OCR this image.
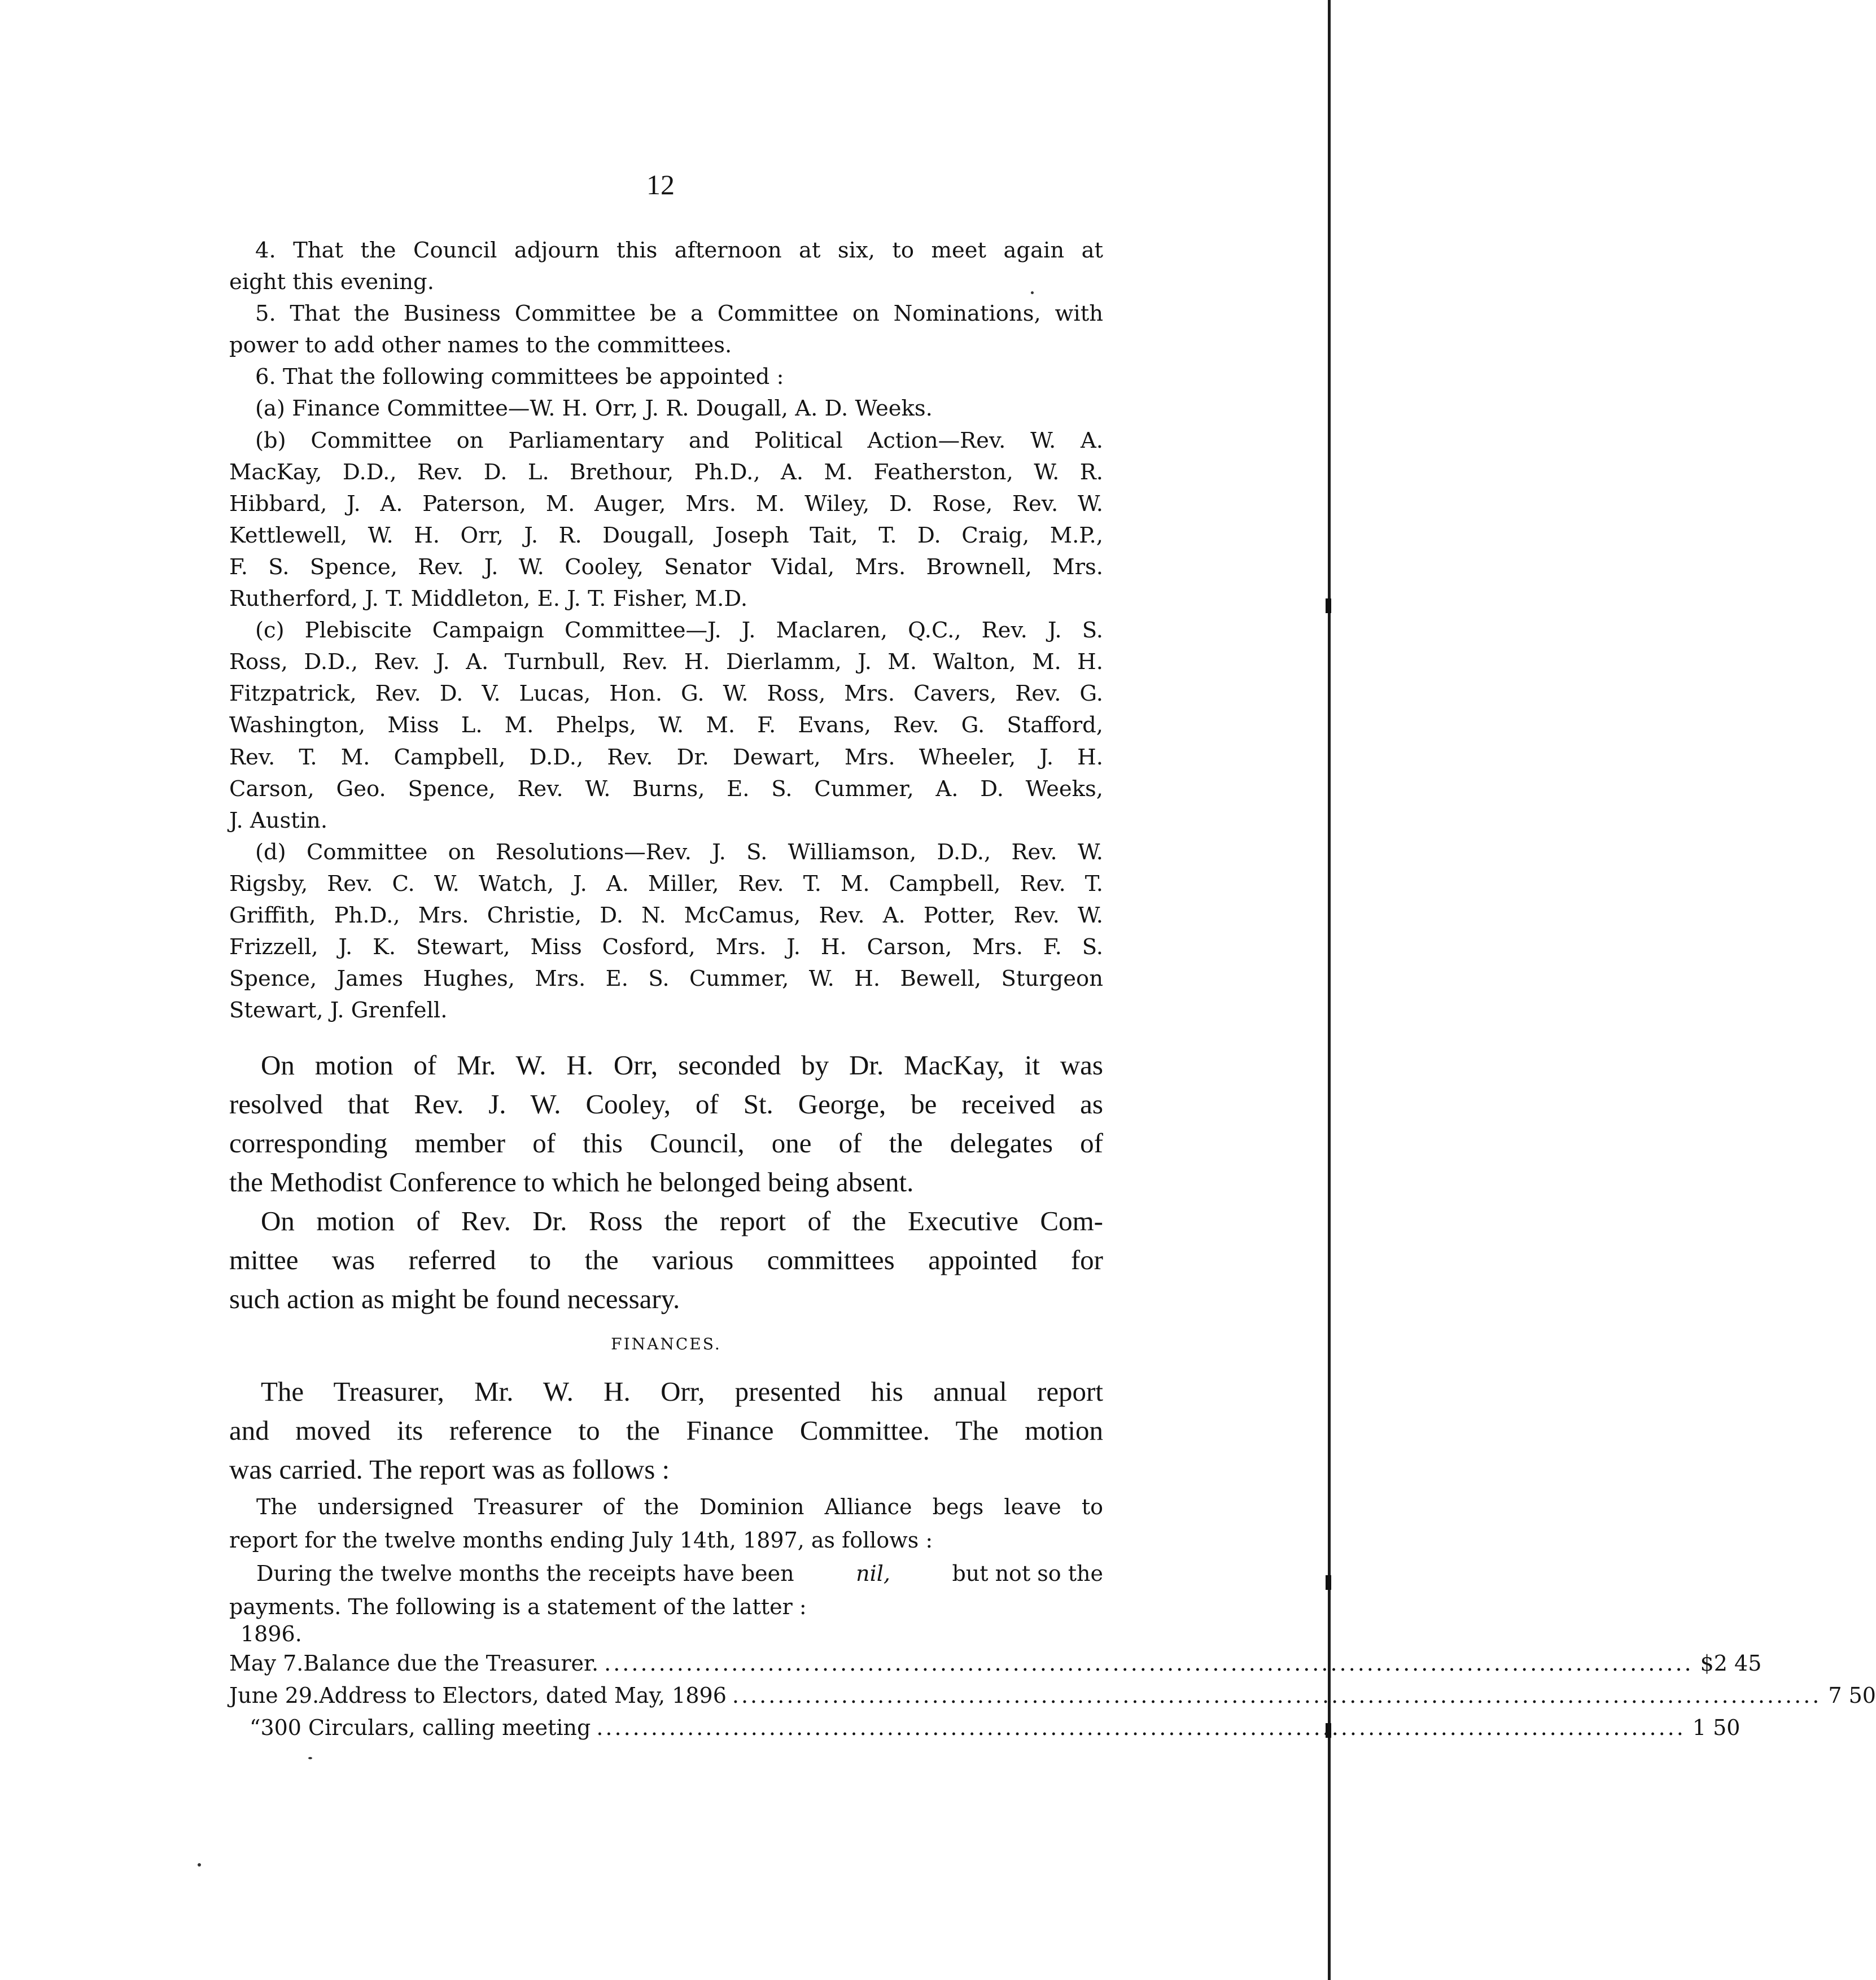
12
4. That the Council adjourn this afternoon at six, to meet again at
eight this evening.
5. That the Business Committee be a Committee on Nominations, with
power to add other names to the committees.
6. That the following committees be appointed :
(a) Finance Committee—W. H. Orr, J. R. Dougall, A. D. Weeks.
(b) Committee on Parliamentary and Political Action—Rev. W. A.
MacKay, D.D., Rev. D. L. Brethour, Ph.D., A. M. Featherston, W. R.
Hibbard, J. A. Paterson, M. Auger, Mrs. M. Wiley, D. Rose, Rev. W.
Kettlewell, W. H. Orr, J. R. Dougall, Joseph Tait, T. D. Craig, M.P.,
F. S. Spence, Rev. J. W. Cooley, Senator Vidal, Mrs. Brownell, Mrs.
Rutherford, J. T. Middleton, E. J. T. Fisher, M.D.
(c) Plebiscite Campaign Committee—J. J. Maclaren, Q.C., Rev. J. S.
Ross, D.D., Rev. J. A. Turnbull, Rev. H. Dierlamm, J. M. Walton, M. H.
Fitzpatrick, Rev. D. V. Lucas, Hon. G. W. Ross, Mrs. Cavers, Rev. G.
Washington, Miss L. M. Phelps, W. M. F. Evans, Rev. G. Stafford,
Rev. T. M. Campbell, D.D., Rev. Dr. Dewart, Mrs. Wheeler, J. H.
Carson, Geo. Spence, Rev. W. Burns, E. S. Cummer, A. D. Weeks,
J. Austin.
(d) Committee on Resolutions—Rev. J. S. Williamson, D.D., Rev. W.
Rigsby, Rev. C. W. Watch, J. A. Miller, Rev. T. M. Campbell, Rev. T.
Griffith, Ph.D., Mrs. Christie, D. N. McCamus, Rev. A. Potter, Rev. W.
Frizzell, J. K. Stewart, Miss Cosford, Mrs. J. H. Carson, Mrs. F. S.
Spence, James Hughes, Mrs. E. S. Cummer, W. H. Bewell, Sturgeon
Stewart, J. Grenfell.
On motion of Mr. W. H. Orr, seconded by Dr. MacKay, it was
resolved that Rev. J. W. Cooley, of St. George, be received as
corresponding member of this Council, one of the delegates of
the Methodist Conference to which he belonged being absent.
On motion of Rev. Dr. Ross the report of the Executive Com-
mittee was referred to the various committees appointed for
such action as might be found necessary.
FINANCES.
The Treasurer, Mr. W. H. Orr, presented his annual report
and moved its reference to the Finance Committee. The motion
was carried. The report was as follows :
The undersigned Treasurer of the Dominion Alliance begs leave to
report for the twelve months ending July 14th, 1897, as follows :
During the twelve months the receipts have been	nil,	but not so the
payments. The following is a statement of the latter :
1896.
May 7. Balance due the Treasurer. ........................................................................................................................ $2 45
June 29. Address to Electors, dated May, 1896 ........................................................................................................................ 7 50
“ 300 Circulars, calling meeting ........................................................................................................................ 1 50
